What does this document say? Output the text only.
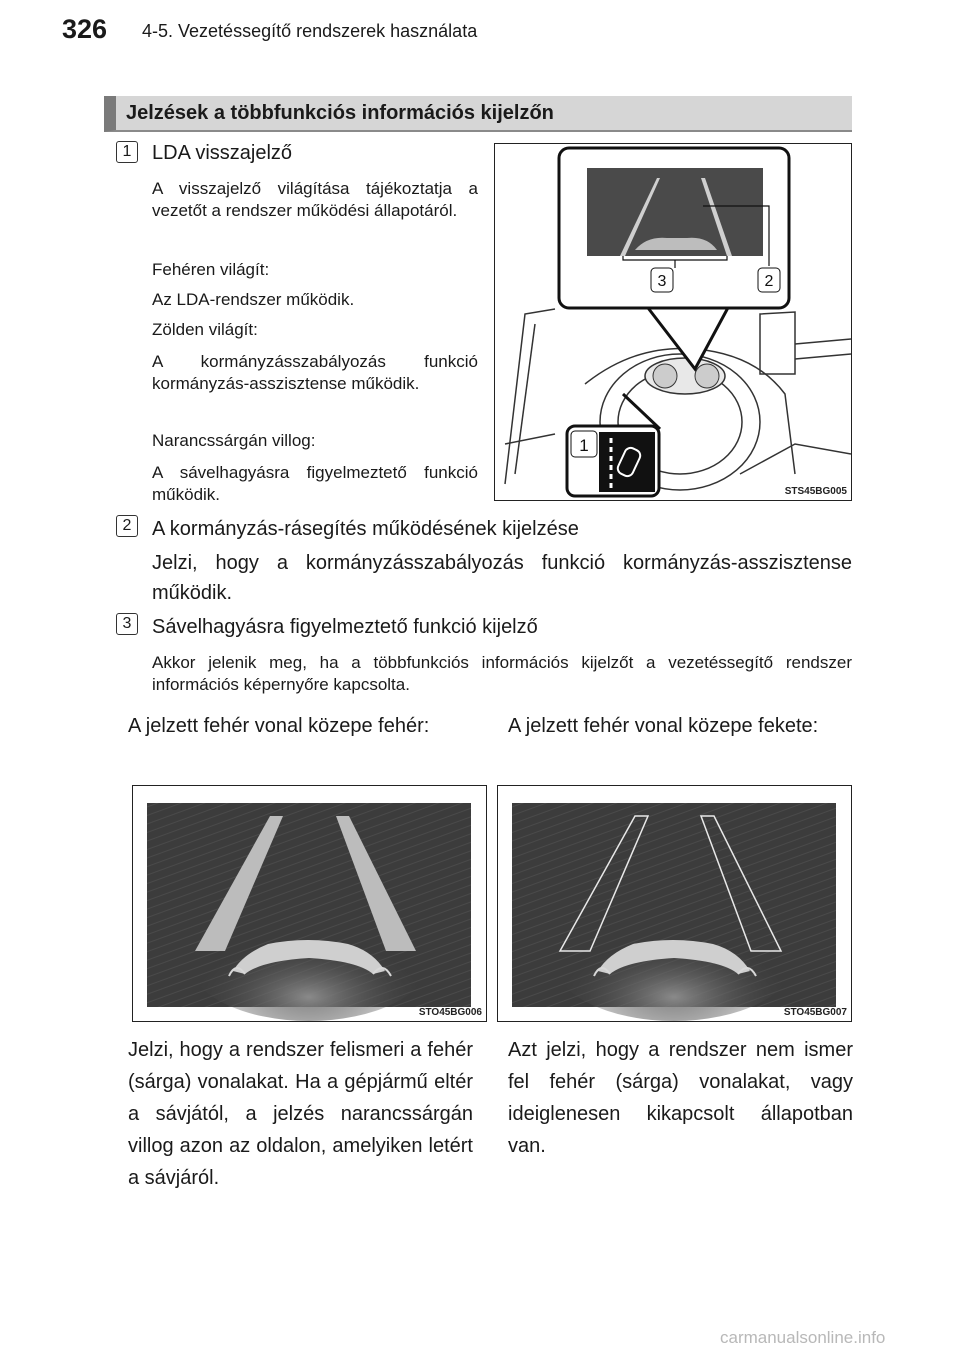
326 4-5. Vezetéssegítő rendszerek használata
Jelzések a többfunkciós információs kijelzőn
1	LDA visszajelző
A visszajelző világítása tájékoztatja a vezetőt a rendszer működési állapotáról.
Fehéren világít:
Az LDA-rendszer működik.
Zölden világít:
A kormányzásszabályozás funkció kormányzás-asszisztense működik.
Narancssárgán villog:
A sávelhagyásra figyelmeztető funkció működik.
3	2
1
STS45BG005
2	A kormányzás-rásegítés működésének kijelzése
Jelzi, hogy a kormányzásszabályozás funkció kormányzás-asszisztense működik.
3	Sávelhagyásra figyelmeztető funkció kijelző
Akkor jelenik meg, ha a többfunkciós információs kijelzőt a vezetéssegítő rendszer információs képernyőre kapcsolta.
A jelzett fehér vonal közepe fehér:	A jelzett fehér vonal közepe fekete:
STO45BG006	STO45BG007
Jelzi, hogy a rendszer felismeri a fehér (sárga) vonalakat. Ha a gépjármű eltér a sávjától, a jelzés narancssárgán villog azon az oldalon, amelyiken letért a sávjáról.
Azt jelzi, hogy a rendszer nem ismer fel fehér (sárga) vonalakat, vagy ideiglenesen kikapcsolt állapotban van.
carmanualsonline.info
